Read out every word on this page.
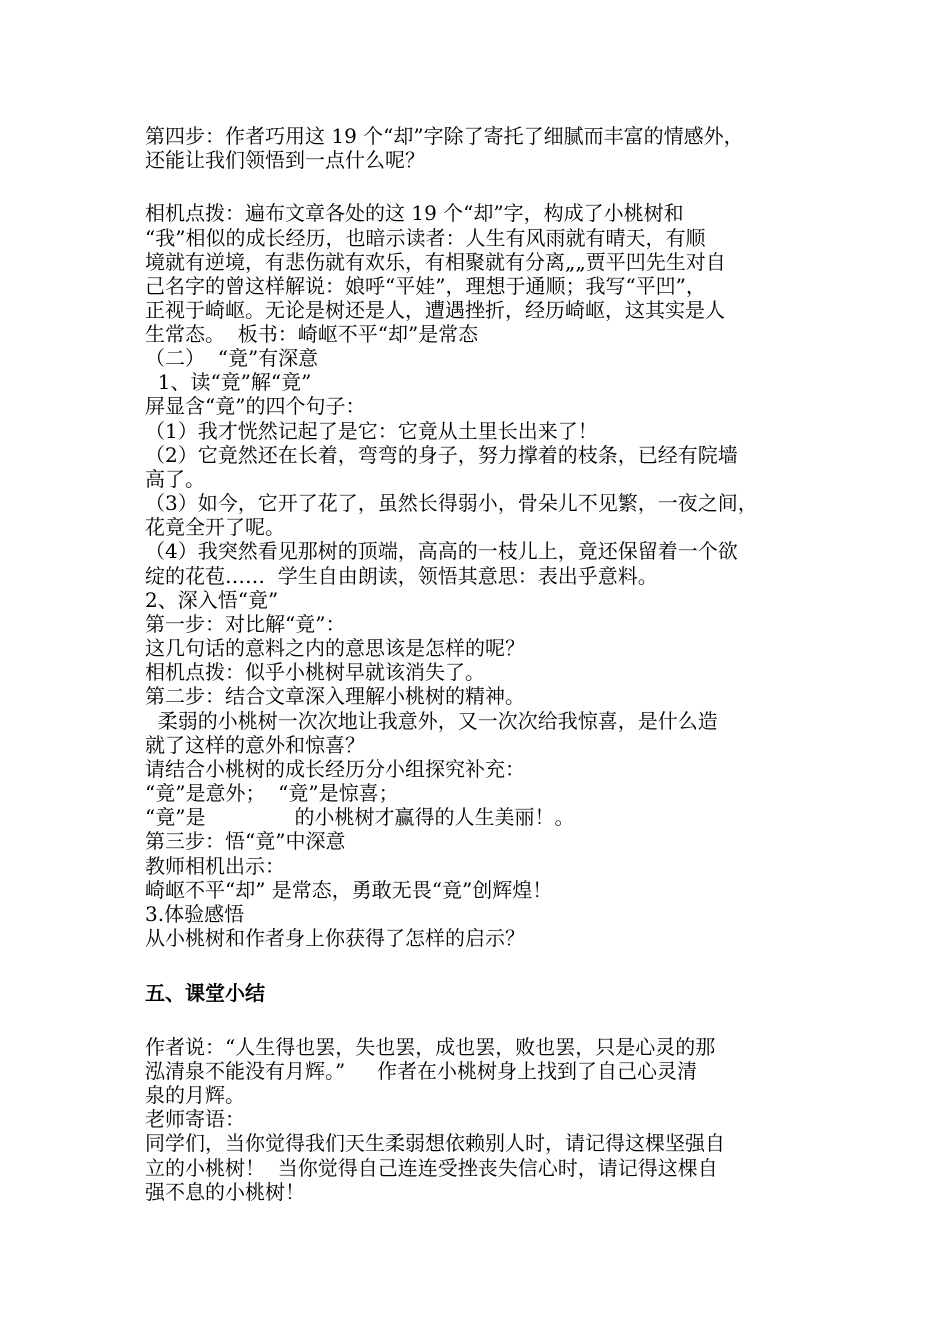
第四步：作者巧用这 19 个“却”字除了寄托了细腻而丰富的情感外，
还能让我们领悟到一点什么呢？
相机点拨：遍布文章各处的这 19 个“却”字，构成了小桃树和
“我”相似的成长经历，也暗示读者：人生有风雨就有晴天，有顺
境就有逆境，有悲伤就有欢乐，有相聚就有分离„„贾平凹先生对自
己名字的曾这样解说：娘呼“平娃”，理想于通顺；我写“平凹”，
正视于崎岖。无论是树还是人，遭遇挫折，经历崎岖，这其实是人
生常态。  板书：崎岖不平“却”是常态
（二）  “竟”有深意
1、读“竟”解“竟”
屏显含“竟”的四个句子：
（1）我才恍然记起了是它：它竟从土里长出来了！
（2）它竟然还在长着，弯弯的身子，努力撑着的枝条，已经有院墙
高了。
（3）如今，它开了花了，虽然长得弱小，骨朵儿不见繁，一夜之间，
花竟全开了呢。
（4）我突然看见那树的顶端，高高的一枝儿上，竟还保留着一个欲
绽的花苞……  学生自由朗读，领悟其意思：表出乎意料。
2、深入悟“竟”
第一步：对比解“竟”：
这几句话的意料之内的意思该是怎样的呢？
相机点拨：似乎小桃树早就该消失了。
第二步：结合文章深入理解小桃树的精神。
柔弱的小桃树一次次地让我意外，又一次次给我惊喜，是什么造
就了这样的意外和惊喜？
请结合小桃树的成长经历分小组探究补充：
“竟”是意外；  “竟”是惊喜；
“竟”是              的小桃树才赢得的人生美丽！。
第三步：悟“竟”中深意
教师相机出示：
崎岖不平“却” 是常态，勇敢无畏“竟”创辉煌！
3.体验感悟
从小桃树和作者身上你获得了怎样的启示？
五、课堂小结
作者说：“人生得也罢，失也罢，成也罢，败也罢，只是心灵的那
泓清泉不能没有月辉。”     作者在小桃树身上找到了自己心灵清
泉的月辉。
老师寄语：
同学们，当你觉得我们天生柔弱想依赖别人时，请记得这棵坚强自
立的小桃树！  当你觉得自己连连受挫丧失信心时，请记得这棵自
强不息的小桃树！
